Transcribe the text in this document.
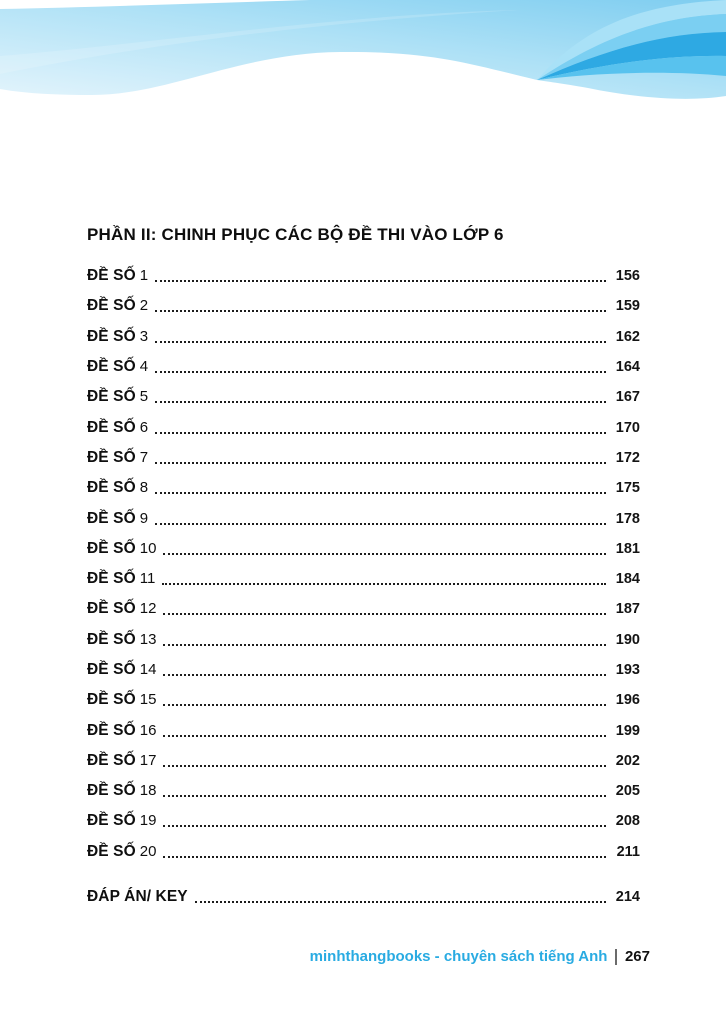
PHẦN II: CHINH PHỤC CÁC BỘ ĐỀ THI VÀO LỚP 6
ĐỀ SỐ 1	156
ĐỀ SỐ 2	159
ĐỀ SỐ 3	162
ĐỀ SỐ 4	164
ĐỀ SỐ 5	167
ĐỀ SỐ 6	170
ĐỀ SỐ 7	172
ĐỀ SỐ 8	175
ĐỀ SỐ 9	178
ĐỀ SỐ 10	181
ĐỀ SỐ 11	184
ĐỀ SỐ 12	187
ĐỀ SỐ 13	190
ĐỀ SỐ 14	193
ĐỀ SỐ 15	196
ĐỀ SỐ 16	199
ĐỀ SỐ 17	202
ĐỀ SỐ 18	205
ĐỀ SỐ 19	208
ĐỀ SỐ 20	211
ĐÁP ÁN/ KEY	214
minhthangbooks - chuyên sách tiếng Anh 267
